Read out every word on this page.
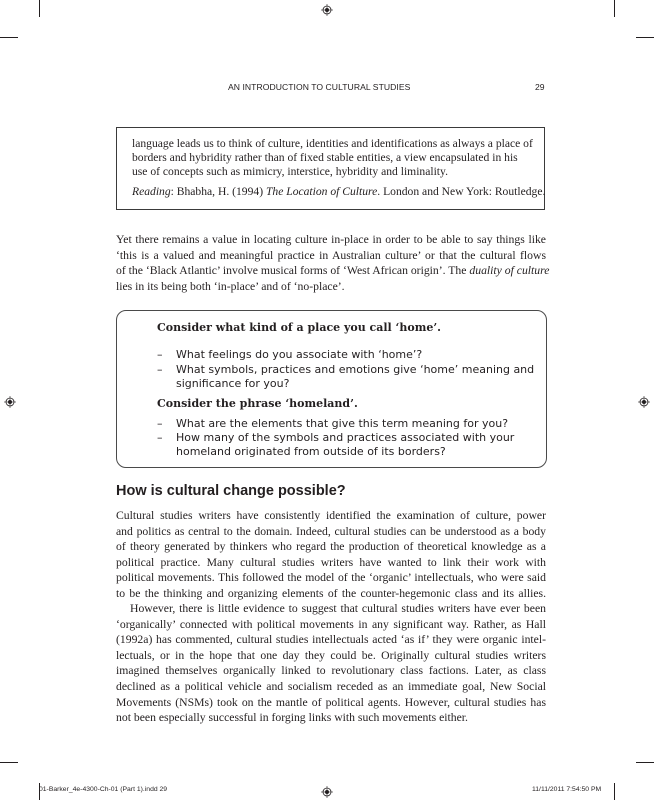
AN INTRODUCTION TO CULTURAL STUDIES	29
language leads us to think of culture, identities and identifications as always a place of
borders and hybridity rather than of fixed stable entities, a view encapsulated in his
use of concepts such as mimicry, interstice, hybridity and liminality.
Reading: Bhabha, H. (1994) The Location of Culture. London and New York: Routledge.
Yet there remains a value in locating culture in-place in order to be able to say things like
‘this is a valued and meaningful practice in Australian culture’ or that the cultural flows
of the ‘Black Atlantic’ involve musical forms of ‘West African origin’. The duality of culture
lies in its being both ‘in-place’ and of ‘no-place’.
Consider what kind of a place you call ‘home’.
– What feelings do you associate with ‘home’?
– What symbols, practices and emotions give ‘home’ meaning and
significance for you?
Consider the phrase ‘homeland’.
– What are the elements that give this term meaning for you?
– How many of the symbols and practices associated with your
homeland originated from outside of its borders?
How is cultural change possible?
Cultural studies writers have consistently identified the examination of culture, power
and politics as central to the domain. Indeed, cultural studies can be understood as a body
of theory generated by thinkers who regard the production of theoretical knowledge as a
political practice. Many cultural studies writers have wanted to link their work with
political movements. This followed the model of the ‘organic’ intellectuals, who were said
to be the thinking and organizing elements of the counter-hegemonic class and its allies.
However, there is little evidence to suggest that cultural studies writers have ever been
‘organically’ connected with political movements in any significant way. Rather, as Hall
(1992a) has commented, cultural studies intellectuals acted ‘as if’ they were organic intel-
lectuals, or in the hope that one day they could be. Originally cultural studies writers
imagined themselves organically linked to revolutionary class factions. Later, as class
declined as a political vehicle and socialism receded as an immediate goal, New Social
Movements (NSMs) took on the mantle of political agents. However, cultural studies has
not been especially successful in forging links with such movements either.
01-Barker_4e-4300-Ch-01 (Part 1).indd 29	11/11/2011 7:54:50 PM
